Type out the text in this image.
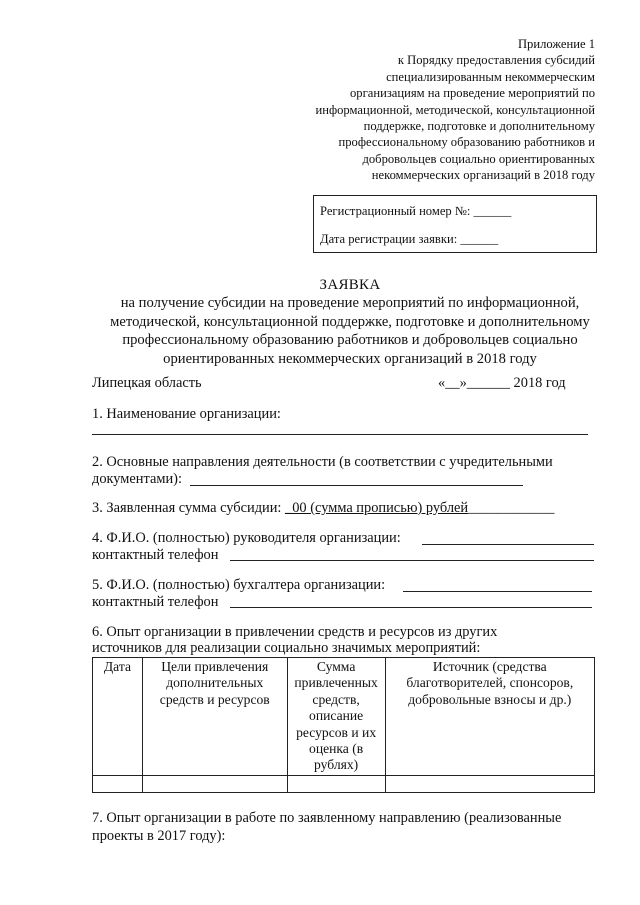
Приложение 1
к Порядку предоставления субсидий
специализированным некоммерческим
организациям на проведение мероприятий по
информационной, методической, консультационной
поддержке, подготовке и дополнительному
профессиональному образованию работников и
добровольцев социально ориентированных
некоммерческих организаций в 2018 году
Регистрационный номер №: ______
Дата регистрации заявки: ______
ЗАЯВКА
на получение субсидии на проведение мероприятий по информационной,
методической, консультационной поддержке, подготовке и дополнительному
профессиональному образованию работников и добровольцев социально
ориентированных некоммерческих организаций в 2018 году
Липецкая область	«__»______ 2018 год
1. Наименование организации:
2. Основные направления деятельности (в соответствии с учредительными
документами):
3. Заявленная сумма субсидии: _00 (сумма прописью) рублей____________
4. Ф.И.О. (полностью) руководителя организации:
контактный телефон
5. Ф.И.О. (полностью) бухгалтера организации:
контактный телефон
6. Опыт организации в привлечении средств и ресурсов из других
источников для реализации социально значимых мероприятий:
Дата	Цели привлечения дополнительных средств и ресурсов	Сумма привлеченных средств, описание ресурсов и их оценка (в рублях)	Источник (средства благотворителей, спонсоров, добровольные взносы и др.)

7. Опыт организации в работе по заявленному направлению (реализованные
проекты в 2017 году):
